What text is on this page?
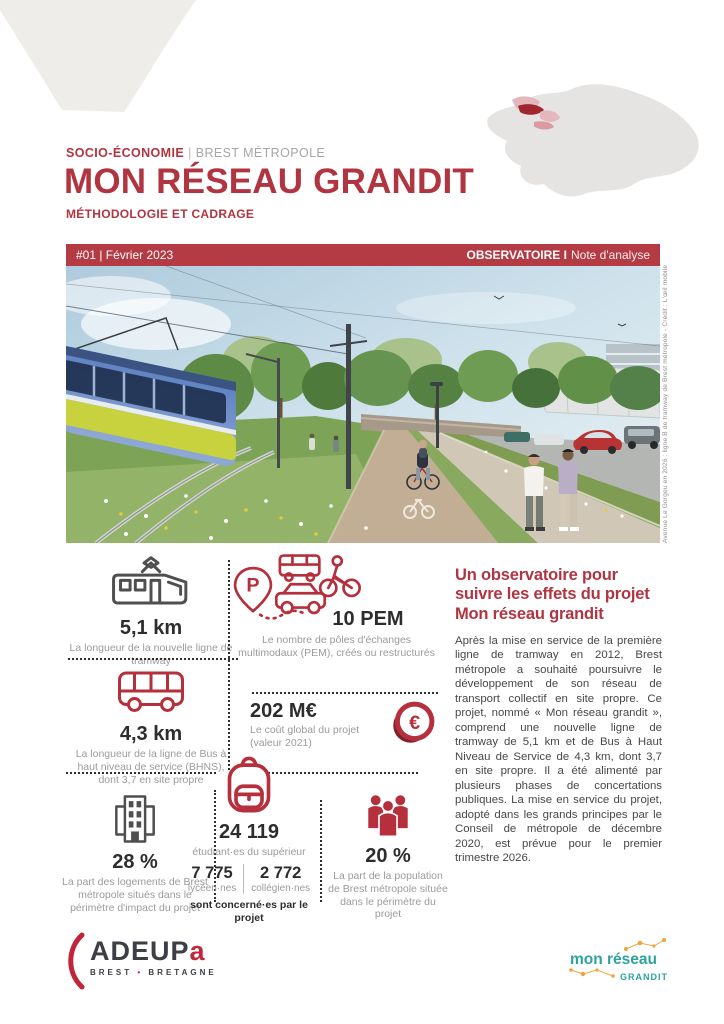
SOCIO-ÉCONOMIE | BREST MÉTROPOLE
MON RÉSEAU GRANDIT
MÉTHODOLOGIE ET CADRAGE
#01 | Février 2023	OBSERVATOIRE I Note d'analyse
Avenue Le Gorgeu en 2026 : ligne B de tramway de Brest métropole - Crédit : L'œil mobile
5,1 km
La longueur de la nouvelle ligne de tramway
4,3 km
La longueur de la ligne de Bus à haut niveau de service (BHNS), dont 3,7 en site propre
P
10 PEM
Le nombre de pôles d'échanges multimodaux (PEM), créés ou restructurés
202 M€
Le coût global du projet (valeur 2021)
€
28 %
La part des logements de Brest métropole situés dans le périmètre d'impact du projet
24 119
étudiant·es du supérieur
7 775
lycéen·nes
2 772
collégien·nes
sont concerné·es par le projet
20 %
La part de la population de Brest métropole située dans le périmètre du projet
Un observatoire pour
suivre les effets du projet
Mon réseau grandit

Après la mise en service de la première ligne de tramway en 2012, Brest métropole a souhaité poursuivre le développement de son réseau de transport collectif en site propre. Ce projet, nommé « Mon réseau grandit », comprend une nouvelle ligne de tramway de 5,1 km et de Bus à Haut Niveau de Service de 4,3 km, dont 3,7 en site propre. Il a été alimenté par plusieurs phases de concertations publiques. La mise en service du projet, adopté dans les grands principes par le Conseil de métropole de décembre 2020, est prévue pour le premier trimestre 2026.

ADEUPa
BREST • BRETAGNE
mon réseau
GRANDIT
